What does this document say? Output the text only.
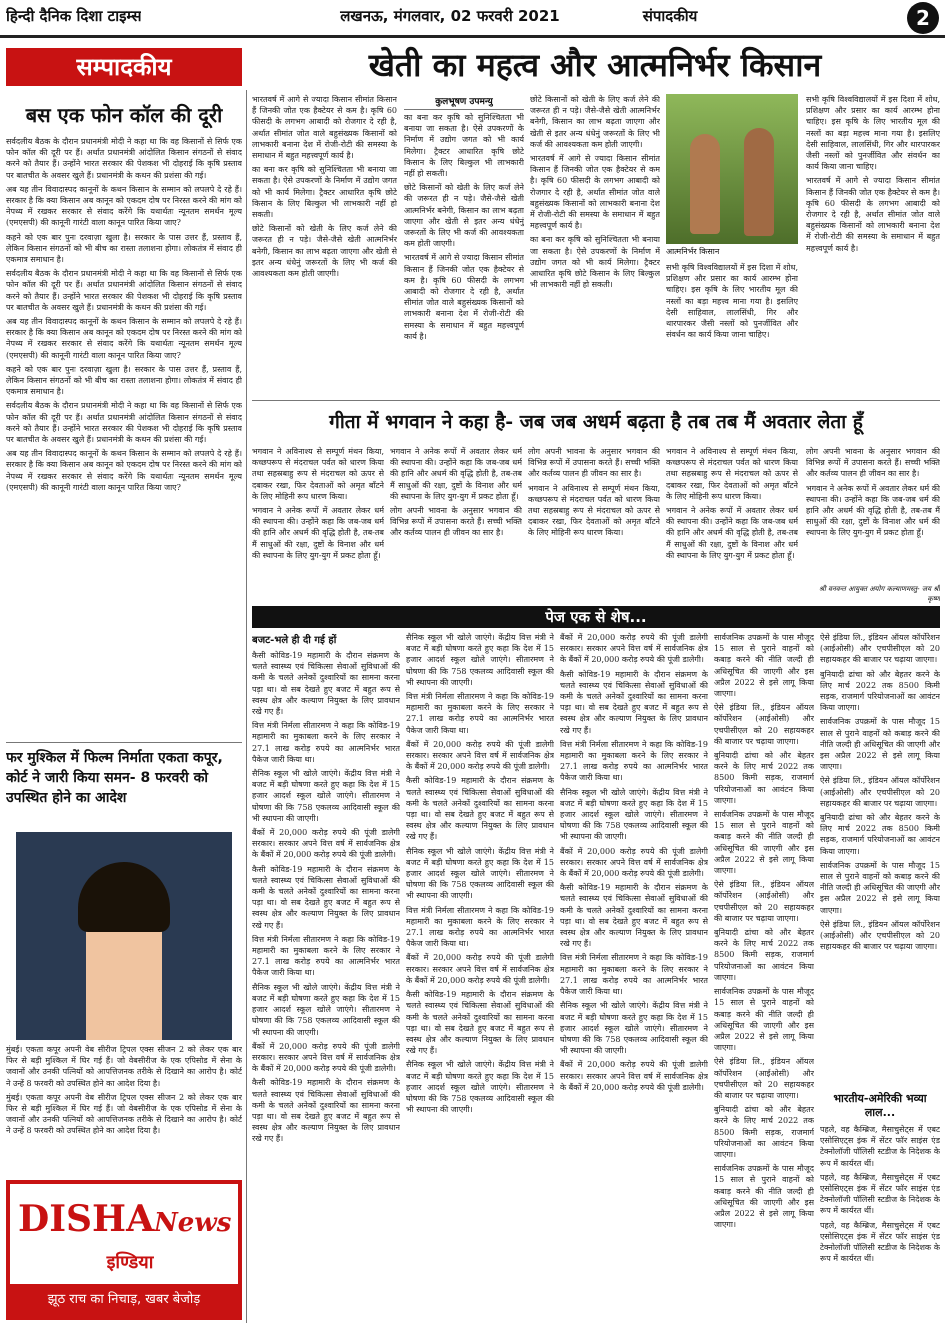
हिन्दी दैनिक दिशा टाइम्स	लखनऊ, मंगलवार, 02 फरवरी 2021	संपादकीय	2
सम्पादकीय	खेती का महत्व और आत्मनिर्भर किसान
बस एक फोन कॉल की दूरी

सर्वदलीय बैठक के दौरान प्रधानमंत्री मोदी ने कहा था कि वह किसानों से सिर्फ एक फोन कॉल की दूरी पर हैं। अर्थात प्रधानमंत्री आंदोलित किसान संगठनों से संवाद करने को तैयार हैं। उन्होंने भारत सरकार की पेशकश भी दोहराई कि कृषि प्रस्ताव पर बातचीत के अवसर खुले हैं। प्रधानमंत्री के कथन की प्रशंसा की गई।

अब यह तीन विवादास्पद कानूनों के कथन किसान के सम्मान को लपलपे दे रहे हैं। सरकार है कि क्या किसान अब कानून को एकदम दोष पर निरस्त करने की मांग को नेपथ्य में रखकर सरकार से संवाद करेंगे कि यथार्थतः न्यूनतम समर्थन मूल्य (एमएसपी) की कानूनी गारंटी वाला कानून पारित किया जाए?

कहने को एक बार पुनः दरवाज़ा खुला है। सरकार के पास उत्तर हैं, प्रस्ताव हैं, लेकिन किसान संगठनों को भी बीच का रास्ता तलाशना होगा। लोकतंत्र में संवाद ही एकमात्र समाधान है।

सर्वदलीय बैठक के दौरान प्रधानमंत्री मोदी ने कहा था कि वह किसानों से सिर्फ एक फोन कॉल की दूरी पर हैं। अर्थात प्रधानमंत्री आंदोलित किसान संगठनों से संवाद करने को तैयार हैं। उन्होंने भारत सरकार की पेशकश भी दोहराई कि कृषि प्रस्ताव पर बातचीत के अवसर खुले हैं। प्रधानमंत्री के कथन की प्रशंसा की गई।

अब यह तीन विवादास्पद कानूनों के कथन किसान के सम्मान को लपलपे दे रहे हैं। सरकार है कि क्या किसान अब कानून को एकदम दोष पर निरस्त करने की मांग को नेपथ्य में रखकर सरकार से संवाद करेंगे कि यथार्थतः न्यूनतम समर्थन मूल्य (एमएसपी) की कानूनी गारंटी वाला कानून पारित किया जाए?

कहने को एक बार पुनः दरवाज़ा खुला है। सरकार के पास उत्तर हैं, प्रस्ताव हैं, लेकिन किसान संगठनों को भी बीच का रास्ता तलाशना होगा। लोकतंत्र में संवाद ही एकमात्र समाधान है।

सर्वदलीय बैठक के दौरान प्रधानमंत्री मोदी ने कहा था कि वह किसानों से सिर्फ एक फोन कॉल की दूरी पर हैं। अर्थात प्रधानमंत्री आंदोलित किसान संगठनों से संवाद करने को तैयार हैं। उन्होंने भारत सरकार की पेशकश भी दोहराई कि कृषि प्रस्ताव पर बातचीत के अवसर खुले हैं। प्रधानमंत्री के कथन की प्रशंसा की गई।

अब यह तीन विवादास्पद कानूनों के कथन किसान के सम्मान को लपलपे दे रहे हैं। सरकार है कि क्या किसान अब कानून को एकदम दोष पर निरस्त करने की मांग को नेपथ्य में रखकर सरकार से संवाद करेंगे कि यथार्थतः न्यूनतम समर्थन मूल्य (एमएसपी) की कानूनी गारंटी वाला कानून पारित किया जाए?

फर मुश्किल में फिल्म निर्माता एकता कपूर, कोर्ट ने जारी किया समन- 8 फरवरी को उपस्थित होने का आदेश

मुंबई। एकता कपूर अपनी वेब सीरीज ट्रिपल एक्स सीजन 2 को लेकर एक बार फिर से बड़ी मुश्किल में घिर गई हैं। जो वेबसीरीज के एक एपिसोड में सेना के जवानों और उनकी पत्नियों को आपत्तिजनक तरीके से दिखाने का आरोप है। कोर्ट ने उन्हें 8 फरवरी को उपस्थित होने का आदेश दिया है।

मुंबई। एकता कपूर अपनी वेब सीरीज ट्रिपल एक्स सीजन 2 को लेकर एक बार फिर से बड़ी मुश्किल में घिर गई हैं। जो वेबसीरीज के एक एपिसोड में सेना के जवानों और उनकी पत्नियों को आपत्तिजनक तरीके से दिखाने का आरोप है। कोर्ट ने उन्हें 8 फरवरी को उपस्थित होने का आदेश दिया है।

DISHANews
इण्डिया
झूठ राच का निचाड़, खबर बेजोड़

भारतवर्ष में आगे से ज्यादा किसान सीमांत किसान हैं जिनकी जोत एक हैक्टेयर से कम है। कृषि 60 फीसदी के लगभग आबादी को रोजगार दे रही है, अर्थात सीमांत जोत वाले बहुसंख्यक किसानों को लाभकारी बनाना देश में रोजी-रोटी की समस्या के समाधान में बहुत महत्त्वपूर्ण कार्य है।

का बना कर कृषि को सुनिश्चितता भी बनाया जा सकता है। ऐसे उपकरणों के निर्माण में उद्योग जगत को भी कार्य मिलेगा। ट्रैक्टर आधारित कृषि छोटे किसान के लिए बिल्कुल भी लाभकारी नहीं हो सकती।

छोटे किसानों को खेती के लिए कर्ज लेने की जरूरत ही न पड़े। जैसे-जैसे खेती आत्मनिर्भर बनेगी, किसान का लाभ बढ़ता जाएगा और खेती से इतर अन्य धंधेनुं जरूरतों के लिए भी कर्ज की आवश्यकता कम होती जाएगी।

कुलभूषण उपमन्यु

का बना कर कृषि को सुनिश्चितता भी बनाया जा सकता है। ऐसे उपकरणों के निर्माण में उद्योग जगत को भी कार्य मिलेगा। ट्रैक्टर आधारित कृषि छोटे किसान के लिए बिल्कुल भी लाभकारी नहीं हो सकती।

छोटे किसानों को खेती के लिए कर्ज लेने की जरूरत ही न पड़े। जैसे-जैसे खेती आत्मनिर्भर बनेगी, किसान का लाभ बढ़ता जाएगा और खेती से इतर अन्य धंधेनुं जरूरतों के लिए भी कर्ज की आवश्यकता कम होती जाएगी।

भारतवर्ष में आगे से ज्यादा किसान सीमांत किसान हैं जिनकी जोत एक हैक्टेयर से कम है। कृषि 60 फीसदी के लगभग आबादी को रोजगार दे रही है, अर्थात सीमांत जोत वाले बहुसंख्यक किसानों को लाभकारी बनाना देश में रोजी-रोटी की समस्या के समाधान में बहुत महत्त्वपूर्ण कार्य है।

छोटे किसानों को खेती के लिए कर्ज लेने की जरूरत ही न पड़े। जैसे-जैसे खेती आत्मनिर्भर बनेगी, किसान का लाभ बढ़ता जाएगा और खेती से इतर अन्य धंधेनुं जरूरतों के लिए भी कर्ज की आवश्यकता कम होती जाएगी।

भारतवर्ष में आगे से ज्यादा किसान सीमांत किसान हैं जिनकी जोत एक हैक्टेयर से कम है। कृषि 60 फीसदी के लगभग आबादी को रोजगार दे रही है, अर्थात सीमांत जोत वाले बहुसंख्यक किसानों को लाभकारी बनाना देश में रोजी-रोटी की समस्या के समाधान में बहुत महत्त्वपूर्ण कार्य है।

का बना कर कृषि को सुनिश्चितता भी बनाया जा सकता है। ऐसे उपकरणों के निर्माण में उद्योग जगत को भी कार्य मिलेगा। ट्रैक्टर आधारित कृषि छोटे किसान के लिए बिल्कुल भी लाभकारी नहीं हो सकती।

आत्मनिर्भर किसान

सभी कृषि विश्वविद्यालयों में इस दिशा में शोध, प्रशिक्षण और प्रसार का कार्य आरम्भ होना चाहिए। इस कृषि के लिए भारतीय मूल की नस्लों का बड़ा महत्त्व माना गया है। इसलिए देसी साहिवाल, लालसिंधी, गिर और थारपारकर जैसी नस्लों को पुनर्जीवित और संवर्धन का कार्य किया जाना चाहिए।

सभी कृषि विश्वविद्यालयों में इस दिशा में शोध, प्रशिक्षण और प्रसार का कार्य आरम्भ होना चाहिए। इस कृषि के लिए भारतीय मूल की नस्लों का बड़ा महत्त्व माना गया है। इसलिए देसी साहिवाल, लालसिंधी, गिर और थारपारकर जैसी नस्लों को पुनर्जीवित और संवर्धन का कार्य किया जाना चाहिए।

भारतवर्ष में आगे से ज्यादा किसान सीमांत किसान हैं जिनकी जोत एक हैक्टेयर से कम है। कृषि 60 फीसदी के लगभग आबादी को रोजगार दे रही है, अर्थात सीमांत जोत वाले बहुसंख्यक किसानों को लाभकारी बनाना देश में रोजी-रोटी की समस्या के समाधान में बहुत महत्त्वपूर्ण कार्य है।

गीता में भगवान ने कहा है- जब जब अधर्म बढ़ता है तब तब मैं अवतार लेता हूँ

भगवान ने अविनाश्य से सम्पूर्ण मंथन किया, कच्छपरूप से मंदराचल पर्वत को धारण किया तथा सहस्रबाहु रूप से मंदराचल को ऊपर से दबाकर रखा, फिर देवताओं को अमृत बाँटने के लिए मोहिनी रूप धारण किया।

भगवान ने अनेक रूपों में अवतार लेकर धर्म की स्थापना की। उन्होंने कहा कि जब-जब धर्म की हानि और अधर्म की वृद्धि होती है, तब-तब मैं साधुओं की रक्षा, दुष्टों के विनाश और धर्म की स्थापना के लिए युग-युग में प्रकट होता हूँ।

भगवान ने अनेक रूपों में अवतार लेकर धर्म की स्थापना की। उन्होंने कहा कि जब-जब धर्म की हानि और अधर्म की वृद्धि होती है, तब-तब मैं साधुओं की रक्षा, दुष्टों के विनाश और धर्म की स्थापना के लिए युग-युग में प्रकट होता हूँ।

लोग अपनी भावना के अनुसार भगवान की विभिन्न रूपों में उपासना करते हैं। सच्ची भक्ति और कर्तव्य पालन ही जीवन का सार है।

लोग अपनी भावना के अनुसार भगवान की विभिन्न रूपों में उपासना करते हैं। सच्ची भक्ति और कर्तव्य पालन ही जीवन का सार है।

भगवान ने अविनाश्य से सम्पूर्ण मंथन किया, कच्छपरूप से मंदराचल पर्वत को धारण किया तथा सहस्रबाहु रूप से मंदराचल को ऊपर से दबाकर रखा, फिर देवताओं को अमृत बाँटने के लिए मोहिनी रूप धारण किया।

भगवान ने अविनाश्य से सम्पूर्ण मंथन किया, कच्छपरूप से मंदराचल पर्वत को धारण किया तथा सहस्रबाहु रूप से मंदराचल को ऊपर से दबाकर रखा, फिर देवताओं को अमृत बाँटने के लिए मोहिनी रूप धारण किया।

भगवान ने अनेक रूपों में अवतार लेकर धर्म की स्थापना की। उन्होंने कहा कि जब-जब धर्म की हानि और अधर्म की वृद्धि होती है, तब-तब मैं साधुओं की रक्षा, दुष्टों के विनाश और धर्म की स्थापना के लिए युग-युग में प्रकट होता हूँ।

लोग अपनी भावना के अनुसार भगवान की विभिन्न रूपों में उपासना करते हैं। सच्ची भक्ति और कर्तव्य पालन ही जीवन का सार है।

भगवान ने अनेक रूपों में अवतार लेकर धर्म की स्थापना की। उन्होंने कहा कि जब-जब धर्म की हानि और अधर्म की वृद्धि होती है, तब-तब मैं साधुओं की रक्षा, दुष्टों के विनाश और धर्म की स्थापना के लिए युग-युग में प्रकट होता हूँ।

श्री वनवन्त आयुक्त अयोग कल्याणमस्तु- जय श्री कृष्ण
पेज एक से शेष...
बजट-भले ही दी गई हों

कैसी कोविड-19 महामारी के दौरान संक्रमण के चलते स्वास्थ्य एवं चिकित्सा सेवाओं सुविधाओं की कमी के चलते अनेकों दुश्वारियों का सामना करना पड़ा था। वो सब देखते हुए बजट में बहुत रूप से स्वस्थ क्षेत्र और कल्याण नियुक्त के लिए प्रावधान रखे गए हैं।

वित्त मंत्री निर्मला सीतारमण ने कहा कि कोविड-19 महामारी का मुकाबला करने के लिए सरकार ने 27.1 लाख करोड़ रुपये का आत्मनिर्भर भारत पैकेज जारी किया था।

सैनिक स्कूल भी खोले जाएंगे। केंद्रीय वित्त मंत्री ने बजट में बड़ी घोषणा करते हुए कहा कि देश में 15 हजार आदर्श स्कूल खोले जाएंगे। सीतारमण ने घोषणा की कि 758 एकलव्य आदिवासी स्कूल की भी स्थापना की जाएगी।

बैंकों में 20,000 करोड़ रुपये की पूंजी डालेगी सरकार। सरकार अपने वित्त वर्ष में सार्वजनिक क्षेत्र के बैंकों में 20,000 करोड़ रुपये की पूंजी डालेगी।

कैसी कोविड-19 महामारी के दौरान संक्रमण के चलते स्वास्थ्य एवं चिकित्सा सेवाओं सुविधाओं की कमी के चलते अनेकों दुश्वारियों का सामना करना पड़ा था। वो सब देखते हुए बजट में बहुत रूप से स्वस्थ क्षेत्र और कल्याण नियुक्त के लिए प्रावधान रखे गए हैं।

वित्त मंत्री निर्मला सीतारमण ने कहा कि कोविड-19 महामारी का मुकाबला करने के लिए सरकार ने 27.1 लाख करोड़ रुपये का आत्मनिर्भर भारत पैकेज जारी किया था।

सैनिक स्कूल भी खोले जाएंगे। केंद्रीय वित्त मंत्री ने बजट में बड़ी घोषणा करते हुए कहा कि देश में 15 हजार आदर्श स्कूल खोले जाएंगे। सीतारमण ने घोषणा की कि 758 एकलव्य आदिवासी स्कूल की भी स्थापना की जाएगी।

बैंकों में 20,000 करोड़ रुपये की पूंजी डालेगी सरकार। सरकार अपने वित्त वर्ष में सार्वजनिक क्षेत्र के बैंकों में 20,000 करोड़ रुपये की पूंजी डालेगी।

कैसी कोविड-19 महामारी के दौरान संक्रमण के चलते स्वास्थ्य एवं चिकित्सा सेवाओं सुविधाओं की कमी के चलते अनेकों दुश्वारियों का सामना करना पड़ा था। वो सब देखते हुए बजट में बहुत रूप से स्वस्थ क्षेत्र और कल्याण नियुक्त के लिए प्रावधान रखे गए हैं।

सैनिक स्कूल भी खोले जाएंगे। केंद्रीय वित्त मंत्री ने बजट में बड़ी घोषणा करते हुए कहा कि देश में 15 हजार आदर्श स्कूल खोले जाएंगे। सीतारमण ने घोषणा की कि 758 एकलव्य आदिवासी स्कूल की भी स्थापना की जाएगी।

वित्त मंत्री निर्मला सीतारमण ने कहा कि कोविड-19 महामारी का मुकाबला करने के लिए सरकार ने 27.1 लाख करोड़ रुपये का आत्मनिर्भर भारत पैकेज जारी किया था।

बैंकों में 20,000 करोड़ रुपये की पूंजी डालेगी सरकार। सरकार अपने वित्त वर्ष में सार्वजनिक क्षेत्र के बैंकों में 20,000 करोड़ रुपये की पूंजी डालेगी।

कैसी कोविड-19 महामारी के दौरान संक्रमण के चलते स्वास्थ्य एवं चिकित्सा सेवाओं सुविधाओं की कमी के चलते अनेकों दुश्वारियों का सामना करना पड़ा था। वो सब देखते हुए बजट में बहुत रूप से स्वस्थ क्षेत्र और कल्याण नियुक्त के लिए प्रावधान रखे गए हैं।

सैनिक स्कूल भी खोले जाएंगे। केंद्रीय वित्त मंत्री ने बजट में बड़ी घोषणा करते हुए कहा कि देश में 15 हजार आदर्श स्कूल खोले जाएंगे। सीतारमण ने घोषणा की कि 758 एकलव्य आदिवासी स्कूल की भी स्थापना की जाएगी।

वित्त मंत्री निर्मला सीतारमण ने कहा कि कोविड-19 महामारी का मुकाबला करने के लिए सरकार ने 27.1 लाख करोड़ रुपये का आत्मनिर्भर भारत पैकेज जारी किया था।

बैंकों में 20,000 करोड़ रुपये की पूंजी डालेगी सरकार। सरकार अपने वित्त वर्ष में सार्वजनिक क्षेत्र के बैंकों में 20,000 करोड़ रुपये की पूंजी डालेगी।

कैसी कोविड-19 महामारी के दौरान संक्रमण के चलते स्वास्थ्य एवं चिकित्सा सेवाओं सुविधाओं की कमी के चलते अनेकों दुश्वारियों का सामना करना पड़ा था। वो सब देखते हुए बजट में बहुत रूप से स्वस्थ क्षेत्र और कल्याण नियुक्त के लिए प्रावधान रखे गए हैं।

सैनिक स्कूल भी खोले जाएंगे। केंद्रीय वित्त मंत्री ने बजट में बड़ी घोषणा करते हुए कहा कि देश में 15 हजार आदर्श स्कूल खोले जाएंगे। सीतारमण ने घोषणा की कि 758 एकलव्य आदिवासी स्कूल की भी स्थापना की जाएगी।

बैंकों में 20,000 करोड़ रुपये की पूंजी डालेगी सरकार। सरकार अपने वित्त वर्ष में सार्वजनिक क्षेत्र के बैंकों में 20,000 करोड़ रुपये की पूंजी डालेगी।

कैसी कोविड-19 महामारी के दौरान संक्रमण के चलते स्वास्थ्य एवं चिकित्सा सेवाओं सुविधाओं की कमी के चलते अनेकों दुश्वारियों का सामना करना पड़ा था। वो सब देखते हुए बजट में बहुत रूप से स्वस्थ क्षेत्र और कल्याण नियुक्त के लिए प्रावधान रखे गए हैं।

वित्त मंत्री निर्मला सीतारमण ने कहा कि कोविड-19 महामारी का मुकाबला करने के लिए सरकार ने 27.1 लाख करोड़ रुपये का आत्मनिर्भर भारत पैकेज जारी किया था।

सैनिक स्कूल भी खोले जाएंगे। केंद्रीय वित्त मंत्री ने बजट में बड़ी घोषणा करते हुए कहा कि देश में 15 हजार आदर्श स्कूल खोले जाएंगे। सीतारमण ने घोषणा की कि 758 एकलव्य आदिवासी स्कूल की भी स्थापना की जाएगी।

बैंकों में 20,000 करोड़ रुपये की पूंजी डालेगी सरकार। सरकार अपने वित्त वर्ष में सार्वजनिक क्षेत्र के बैंकों में 20,000 करोड़ रुपये की पूंजी डालेगी।

कैसी कोविड-19 महामारी के दौरान संक्रमण के चलते स्वास्थ्य एवं चिकित्सा सेवाओं सुविधाओं की कमी के चलते अनेकों दुश्वारियों का सामना करना पड़ा था। वो सब देखते हुए बजट में बहुत रूप से स्वस्थ क्षेत्र और कल्याण नियुक्त के लिए प्रावधान रखे गए हैं।

वित्त मंत्री निर्मला सीतारमण ने कहा कि कोविड-19 महामारी का मुकाबला करने के लिए सरकार ने 27.1 लाख करोड़ रुपये का आत्मनिर्भर भारत पैकेज जारी किया था।

सैनिक स्कूल भी खोले जाएंगे। केंद्रीय वित्त मंत्री ने बजट में बड़ी घोषणा करते हुए कहा कि देश में 15 हजार आदर्श स्कूल खोले जाएंगे। सीतारमण ने घोषणा की कि 758 एकलव्य आदिवासी स्कूल की भी स्थापना की जाएगी।

बैंकों में 20,000 करोड़ रुपये की पूंजी डालेगी सरकार। सरकार अपने वित्त वर्ष में सार्वजनिक क्षेत्र के बैंकों में 20,000 करोड़ रुपये की पूंजी डालेगी।

सार्वजनिक उपक्रमों के पास मौजूद 15 साल से पुराने वाहनों को कबाड़ करने की नीति जल्दी ही अधिसूचित की जाएगी और इस अप्रैल 2022 से इसे लागू किया जाएगा।

ऐसे इंडिया लि., इंडियन ऑयल कॉर्पोरेशन (आईओसी) और एचपीसीएल को 20 सहायकहर की बाजार पर चढ़ाया जाएगा।

बुनियादी ढांचा को और बेहतर करने के लिए मार्च 2022 तक 8500 किमी सड़क, राजमार्ग परियोजनाओं का आवंटन किया जाएगा।

सार्वजनिक उपक्रमों के पास मौजूद 15 साल से पुराने वाहनों को कबाड़ करने की नीति जल्दी ही अधिसूचित की जाएगी और इस अप्रैल 2022 से इसे लागू किया जाएगा।

ऐसे इंडिया लि., इंडियन ऑयल कॉर्पोरेशन (आईओसी) और एचपीसीएल को 20 सहायकहर की बाजार पर चढ़ाया जाएगा।

बुनियादी ढांचा को और बेहतर करने के लिए मार्च 2022 तक 8500 किमी सड़क, राजमार्ग परियोजनाओं का आवंटन किया जाएगा।

सार्वजनिक उपक्रमों के पास मौजूद 15 साल से पुराने वाहनों को कबाड़ करने की नीति जल्दी ही अधिसूचित की जाएगी और इस अप्रैल 2022 से इसे लागू किया जाएगा।

ऐसे इंडिया लि., इंडियन ऑयल कॉर्पोरेशन (आईओसी) और एचपीसीएल को 20 सहायकहर की बाजार पर चढ़ाया जाएगा।

बुनियादी ढांचा को और बेहतर करने के लिए मार्च 2022 तक 8500 किमी सड़क, राजमार्ग परियोजनाओं का आवंटन किया जाएगा।

सार्वजनिक उपक्रमों के पास मौजूद 15 साल से पुराने वाहनों को कबाड़ करने की नीति जल्दी ही अधिसूचित की जाएगी और इस अप्रैल 2022 से इसे लागू किया जाएगा।

ऐसे इंडिया लि., इंडियन ऑयल कॉर्पोरेशन (आईओसी) और एचपीसीएल को 20 सहायकहर की बाजार पर चढ़ाया जाएगा।

बुनियादी ढांचा को और बेहतर करने के लिए मार्च 2022 तक 8500 किमी सड़क, राजमार्ग परियोजनाओं का आवंटन किया जाएगा।

सार्वजनिक उपक्रमों के पास मौजूद 15 साल से पुराने वाहनों को कबाड़ करने की नीति जल्दी ही अधिसूचित की जाएगी और इस अप्रैल 2022 से इसे लागू किया जाएगा।

ऐसे इंडिया लि., इंडियन ऑयल कॉर्पोरेशन (आईओसी) और एचपीसीएल को 20 सहायकहर की बाजार पर चढ़ाया जाएगा।

बुनियादी ढांचा को और बेहतर करने के लिए मार्च 2022 तक 8500 किमी सड़क, राजमार्ग परियोजनाओं का आवंटन किया जाएगा।

सार्वजनिक उपक्रमों के पास मौजूद 15 साल से पुराने वाहनों को कबाड़ करने की नीति जल्दी ही अधिसूचित की जाएगी और इस अप्रैल 2022 से इसे लागू किया जाएगा।

ऐसे इंडिया लि., इंडियन ऑयल कॉर्पोरेशन (आईओसी) और एचपीसीएल को 20 सहायकहर की बाजार पर चढ़ाया जाएगा।

भारतीय-अमेरिकी भव्या लाल...

पहले, वह कैम्ब्रिज, मैसाचुसेट्स में एबट एसोसिएट्स इंक में सेंटर फॉर साइंस एंड टेक्नोलॉजी पॉलिसी स्टडीज के निदेशक के रूप में कार्यरत थीं।

पहले, वह कैम्ब्रिज, मैसाचुसेट्स में एबट एसोसिएट्स इंक में सेंटर फॉर साइंस एंड टेक्नोलॉजी पॉलिसी स्टडीज के निदेशक के रूप में कार्यरत थीं।

पहले, वह कैम्ब्रिज, मैसाचुसेट्स में एबट एसोसिएट्स इंक में सेंटर फॉर साइंस एंड टेक्नोलॉजी पॉलिसी स्टडीज के निदेशक के रूप में कार्यरत थीं।
